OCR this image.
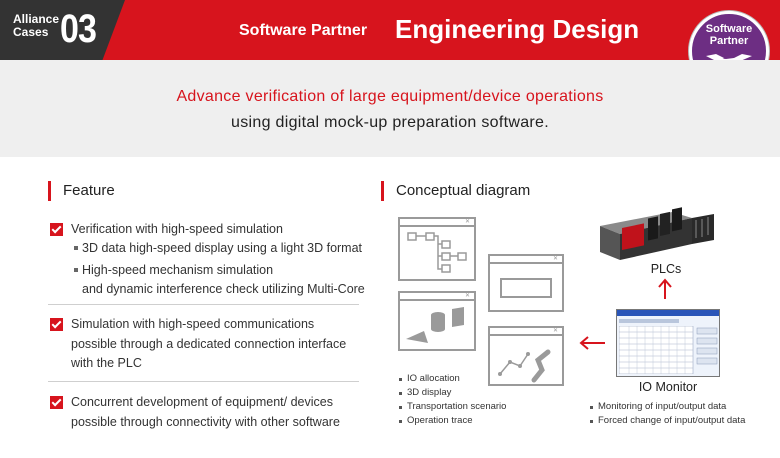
Alliance
Cases 03	Software Partner Engineering Design	Software
Partner
Advance verification of large equipment/device operations
using digital mock-up preparation software.
Feature
Verification with high-speed simulation
3D data high-speed display using a light 3D format
High-speed mechanism simulation
and dynamic interference check utilizing Multi-Core
Simulation with high-speed communications
possible through a dedicated connection interface
with the PLC
Concurrent development of equipment/ devices
possible through connectivity with other software
Conceptual diagram
✕
✕
✕
✕
IO allocation
3D display
Transportation scenario
Operation trace
PLCs
IO Monitor
Monitoring of input/output data
Forced change of input/output data
